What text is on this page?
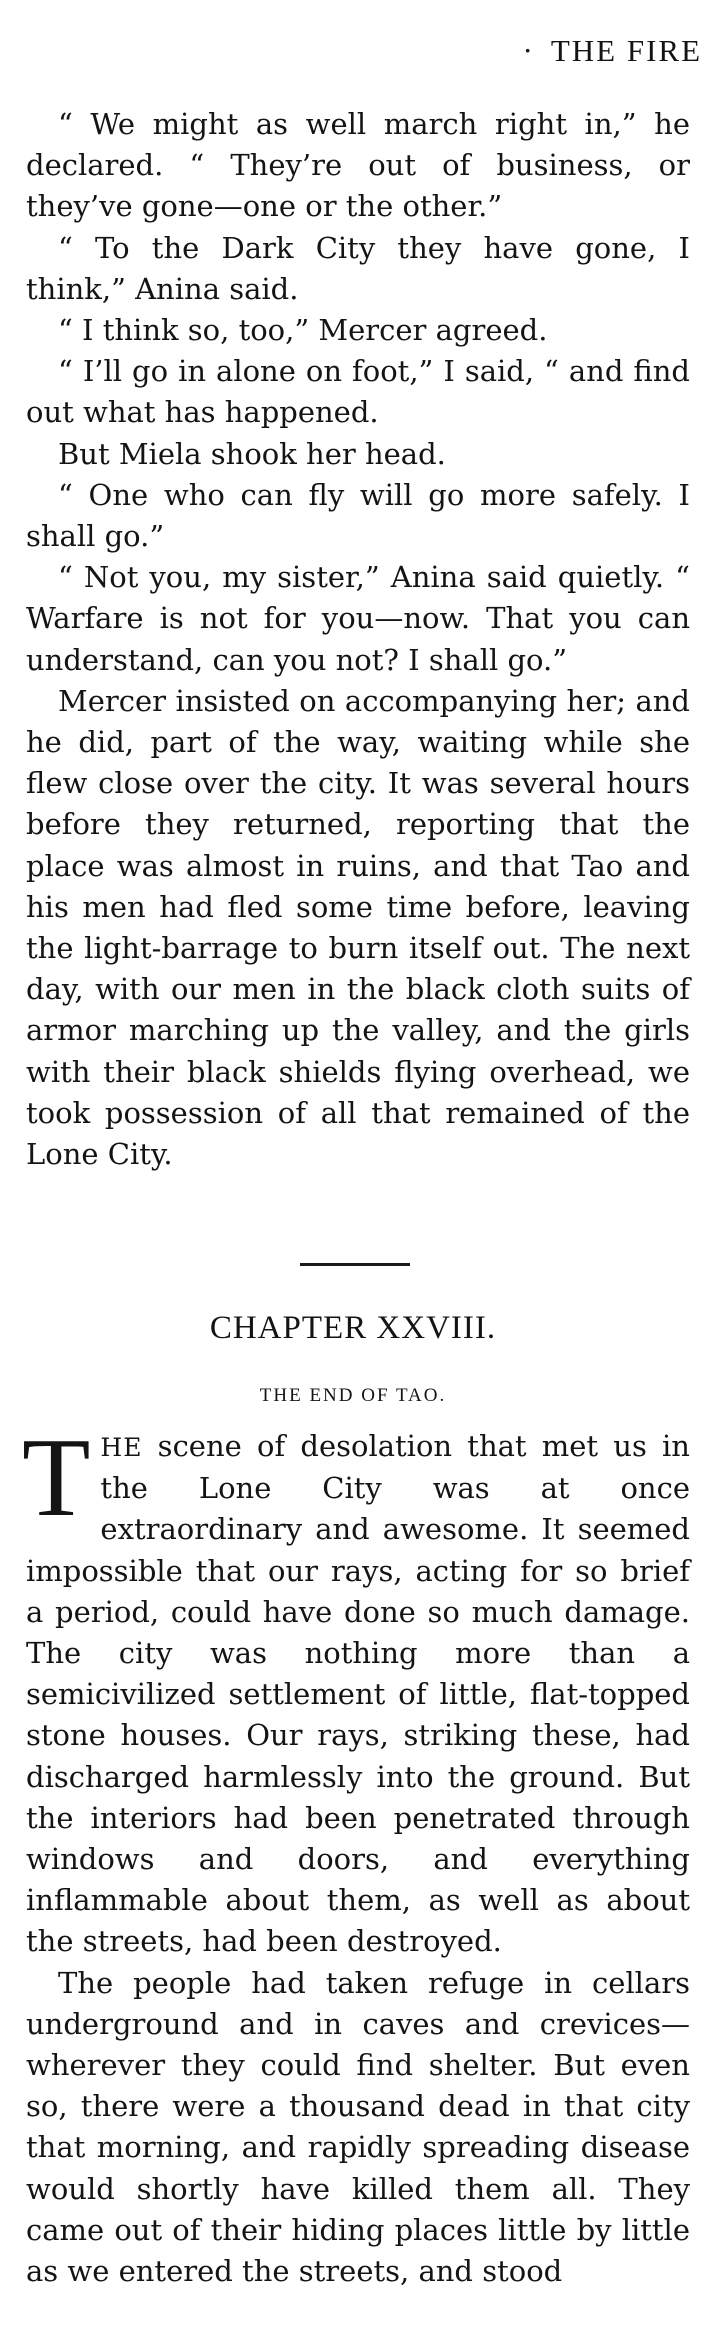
· THE FIRE

“ We might as well march right in,” he declared. “ They’re out of business, or they’ve gone—one or the other.”

“ To the Dark City they have gone, I think,” Anina said.

“ I think so, too,” Mercer agreed.

“ I’ll go in alone on foot,” I said, “ and find out what has happened.

But Miela shook her head.

“ One who can fly will go more safely. I shall go.”

“ Not you, my sister,” Anina said quietly. “ Warfare is not for you—now. That you can understand, can you not? I shall go.”

Mercer insisted on accompanying her; and he did, part of the way, waiting while she flew close over the city. It was several hours before they returned, reporting that the place was almost in ruins, and that Tao and his men had fled some time before, leaving the light-barrage to burn itself out. The next day, with our men in the black cloth suits of armor marching up the valley, and the girls with their black shields flying overhead, we took possession of all that remained of the Lone City.

CHAPTER XXVIII.
THE END OF TAO.

THE scene of desolation that met us in the Lone City was at once extraordinary and awesome. It seemed impossible that our rays, acting for so brief a period, could have done so much damage. The city was nothing more than a semicivilized settlement of little, flat-topped stone houses. Our rays, striking these, had discharged harmlessly into the ground. But the interiors had been penetrated through windows and doors, and everything inflammable about them, as well as about the streets, had been destroyed.

The people had taken refuge in cellars underground and in caves and crevices—wherever they could find shelter. But even so, there were a thousand dead in that city that morning, and rapidly spreading disease would shortly have killed them all. They came out of their hiding places little by little as we entered the streets, and stood
